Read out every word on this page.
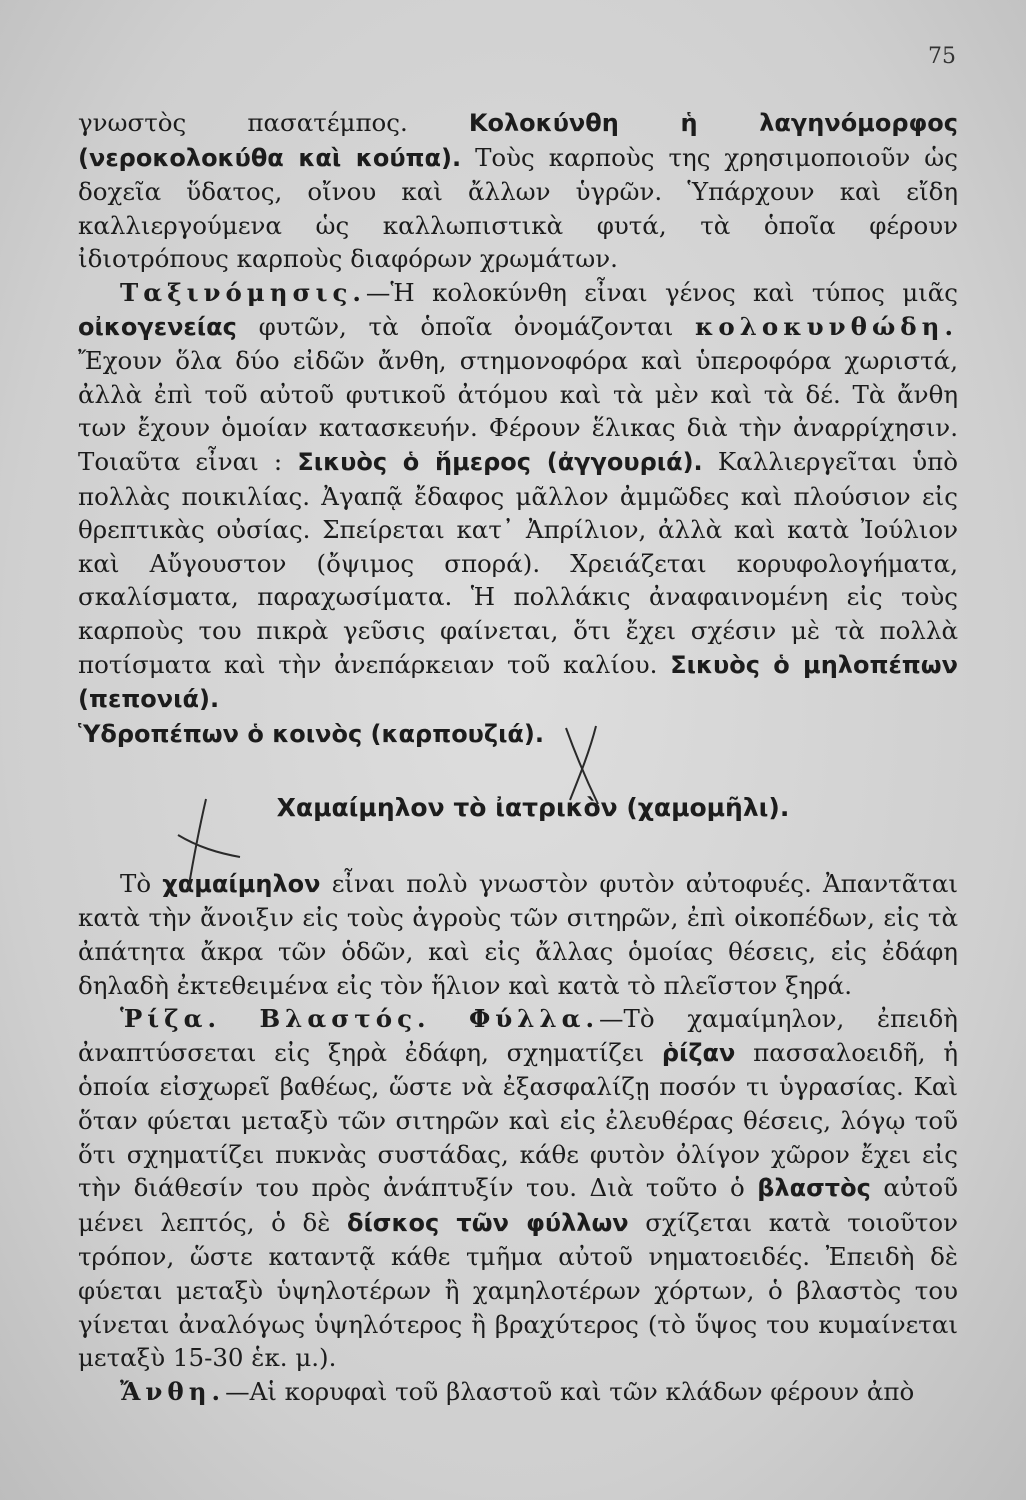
75

γνωστὸς πασατέμπος. Κολοκύνθη ἡ λαγηνόμορφος (νεροκολοκύθα καὶ κούπα). Τοὺς καρποὺς της χρησιμοποιοῦν ὡς δοχεῖα ὕδατος, οἴνου καὶ ἄλλων ὑγρῶν. Ὑπάρχουν καὶ εἴδη καλλιεργούμενα ὡς καλλωπιστικὰ φυτά, τὰ ὁποῖα φέρουν ἰδιοτρόπους καρποὺς διαφόρων χρωμάτων.

Ταξινόμησις.—Ἡ κολοκύνθη εἶναι γένος καὶ τύπος μιᾶς οἰκογενείας φυτῶν, τὰ ὁποῖα ὀνομάζονται κολοκυνθώδη. Ἔχουν ὅλα δύο εἰδῶν ἄνθη, στημονοφόρα καὶ ὑπεροφόρα χωριστά, ἀλλὰ ἐπὶ τοῦ αὐτοῦ φυτικοῦ ἀτόμου καὶ τὰ μὲν καὶ τὰ δέ. Τὰ ἄνθη των ἔχουν ὁμοίαν κατασκευήν. Φέρουν ἕλικας διὰ τὴν ἀναρρίχησιν. Τοιαῦτα εἶναι : Σικυὸς ὁ ἥμερος (ἀγγουριά). Καλλιεργεῖται ὑπὸ πολλὰς ποικιλίας. Ἀγαπᾷ ἔδαφος μᾶλλον ἀμμῶδες καὶ πλούσιον εἰς θρεπτικὰς οὐσίας. Σπείρεται κατ᾽ Ἀπρίλιον, ἀλλὰ καὶ κατὰ Ἰούλιον καὶ Αὔγουστον (ὄψιμος σπορά). Χρειάζεται κορυφολογήματα, σκαλίσματα, παραχωσίματα. Ἡ πολλάκις ἀναφαινομένη εἰς τοὺς καρποὺς του πικρὰ γεῦσις φαίνεται, ὅτι ἔχει σχέσιν μὲ τὰ πολλὰ ποτίσματα καὶ τὴν ἀνεπάρκειαν τοῦ καλίου. Σικυὸς ὁ μηλοπέπων (πεπονιά).
Ὑδροπέπων ὁ κοινὸς (καρπουζιά).

Χαμαίμηλον τὸ ἰατρικὸν (χαμομῆλι).

Τὸ χαμαίμηλον εἶναι πολὺ γνωστὸν φυτὸν αὐτοφυές. Ἀπαντᾶται κατὰ τὴν ἄνοιξιν εἰς τοὺς ἀγροὺς τῶν σιτηρῶν, ἐπὶ οἰκοπέδων, εἰς τὰ ἀπάτητα ἄκρα τῶν ὁδῶν, καὶ εἰς ἄλλας ὁμοίας θέσεις, εἰς ἐδάφη δηλαδὴ ἐκτεθειμένα εἰς τὸν ἥλιον καὶ κατὰ τὸ πλεῖστον ξηρά.

Ῥίζα. Βλαστός. Φύλλα.—Τὸ χαμαίμηλον, ἐπειδὴ ἀναπτύσσεται εἰς ξηρὰ ἐδάφη, σχηματίζει ῥίζαν πασσαλοειδῆ, ἡ ὁποία εἰσχωρεῖ βαθέως, ὥστε νὰ ἐξασφαλίζῃ ποσόν τι ὑγρασίας. Καὶ ὅταν φύεται μεταξὺ τῶν σιτηρῶν καὶ εἰς ἐλευθέρας θέσεις, λόγῳ τοῦ ὅτι σχηματίζει πυκνὰς συστάδας, κάθε φυτὸν ὀλίγον χῶρον ἔχει εἰς τὴν διάθεσίν του πρὸς ἀνάπτυξίν του. Διὰ τοῦτο ὁ βλαστὸς αὐτοῦ μένει λεπτός, ὁ δὲ δίσκος τῶν φύλλων σχίζεται κατὰ τοιοῦτον τρόπον, ὥστε καταντᾷ κάθε τμῆμα αὐτοῦ νηματοειδές. Ἐπειδὴ δὲ φύεται μεταξὺ ὑψηλοτέρων ἢ χαμηλοτέρων χόρτων, ὁ βλαστὸς του γίνεται ἀναλόγως ὑψηλότερος ἢ βραχύτερος (τὸ ὕψος του κυμαίνεται μεταξὺ 15-30 ἑκ. μ.).

Ἄνθη.—Αἱ κορυφαὶ τοῦ βλαστοῦ καὶ τῶν κλάδων φέρουν ἀπὸ
